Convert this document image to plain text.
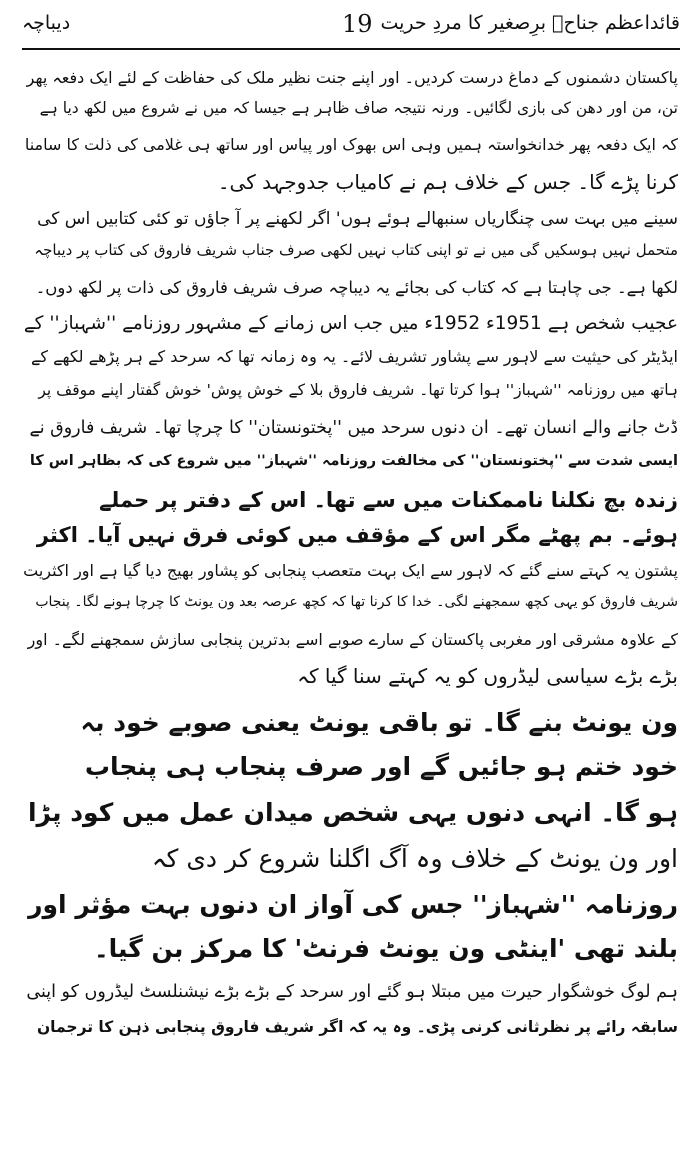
قائداعظم جناحؒ برِصغیر کا مردِ حریت
19
دیباچہ
پاکستان دشمنوں کے دماغ درست کردیں۔ اور اپنے جنت نظیر ملک کی حفاظت کے لئے ایک دفعہ پھر
تن، من اور دھن کی بازی لگائیں۔ ورنہ نتیجہ صاف ظاہر ہے جیسا کہ میں نے شروع میں لکھ دیا ہے
کہ ایک دفعہ پھر خدانخواستہ ہمیں وہی اس بھوک اور پیاس اور ساتھ ہی غلامی کی ذلت کا سامنا
کرنا پڑے گا۔ جس کے خلاف ہم نے کامیاب جدوجہد کی۔
سینے میں بہت سی چنگاریاں سنبھالے ہوئے ہوں' اگر لکھنے پر آ جاؤں تو کئی کتابیں اس کی
متحمل نہیں ہوسکیں گی میں نے تو اپنی کتاب نہیں لکھی صرف جناب شریف فاروق کی کتاب پر دیباچہ
لکھا ہے۔ جی چاہتا ہے کہ کتاب کی بجائے یہ دیباچہ صرف شریف فاروق کی ذات پر لکھ دوں۔
عجیب شخص ہے 1951ء 1952ء میں جب اس زمانے کے مشہور روزنامے ''شہباز'' کے
ایڈیٹر کی حیثیت سے لاہور سے پشاور تشریف لائے۔ یہ وہ زمانہ تھا کہ سرحد کے ہر پڑھے لکھے کے
ہاتھ میں روزنامہ ''شہباز'' ہوا کرتا تھا۔ شریف فاروق بلا کے خوش پوش' خوش گفتار اپنے موقف پر
ڈٹ جانے والے انسان تھے۔ ان دنوں سرحد میں ''پختونستان'' کا چرچا تھا۔ شریف فاروق نے
ایسی شدت سے ''پختونستان'' کی مخالفت روزنامہ ''شہباز'' میں شروع کی کہ بظاہر اس کا
زندہ بچ نکلنا ناممکنات میں سے تھا۔ اس کے دفتر پر حملے
ہوئے۔ بم پھٹے مگر اس کے مؤقف میں کوئی فرق نہیں آیا۔ اکثر
پشتون یہ کہتے سنے گئے کہ لاہور سے ایک بہت متعصب پنجابی کو پشاور بھیج دیا گیا ہے اور اکثریت
شریف فاروق کو یہی کچھ سمجھنے لگی۔ خدا کا کرنا تھا کہ کچھ عرصہ بعد ون یونٹ کا چرچا ہونے لگا۔ پنجاب
کے علاوہ مشرقی اور مغربی پاکستان کے سارے صوبے اسے بدترین پنجابی سازش سمجھنے لگے۔ اور
بڑے بڑے سیاسی لیڈروں کو یہ کہتے سنا گیا کہ
ون یونٹ بنے گا۔ تو باقی یونٹ یعنی صوبے خود بہ
خود ختم ہو جائیں گے اور صرف پنجاب ہی پنجاب
ہو گا۔ انہی دنوں یہی شخص میدان عمل میں کود پڑا
اور ون یونٹ کے خلاف وہ آگ اگلنا شروع کر دی کہ
روزنامہ ''شہباز'' جس کی آواز ان دنوں بہت مؤثر اور
بلند تھی 'اینٹی ون یونٹ فرنٹ' کا مرکز بن گیا۔
ہم لوگ خوشگوار حیرت میں مبتلا ہو گئے اور سرحد کے بڑے بڑے نیشنلسٹ لیڈروں کو اپنی
سابقہ رائے پر نظرثانی کرنی پڑی۔ وہ یہ کہ اگر شریف فاروق پنجابی ذہن کا ترجمان
